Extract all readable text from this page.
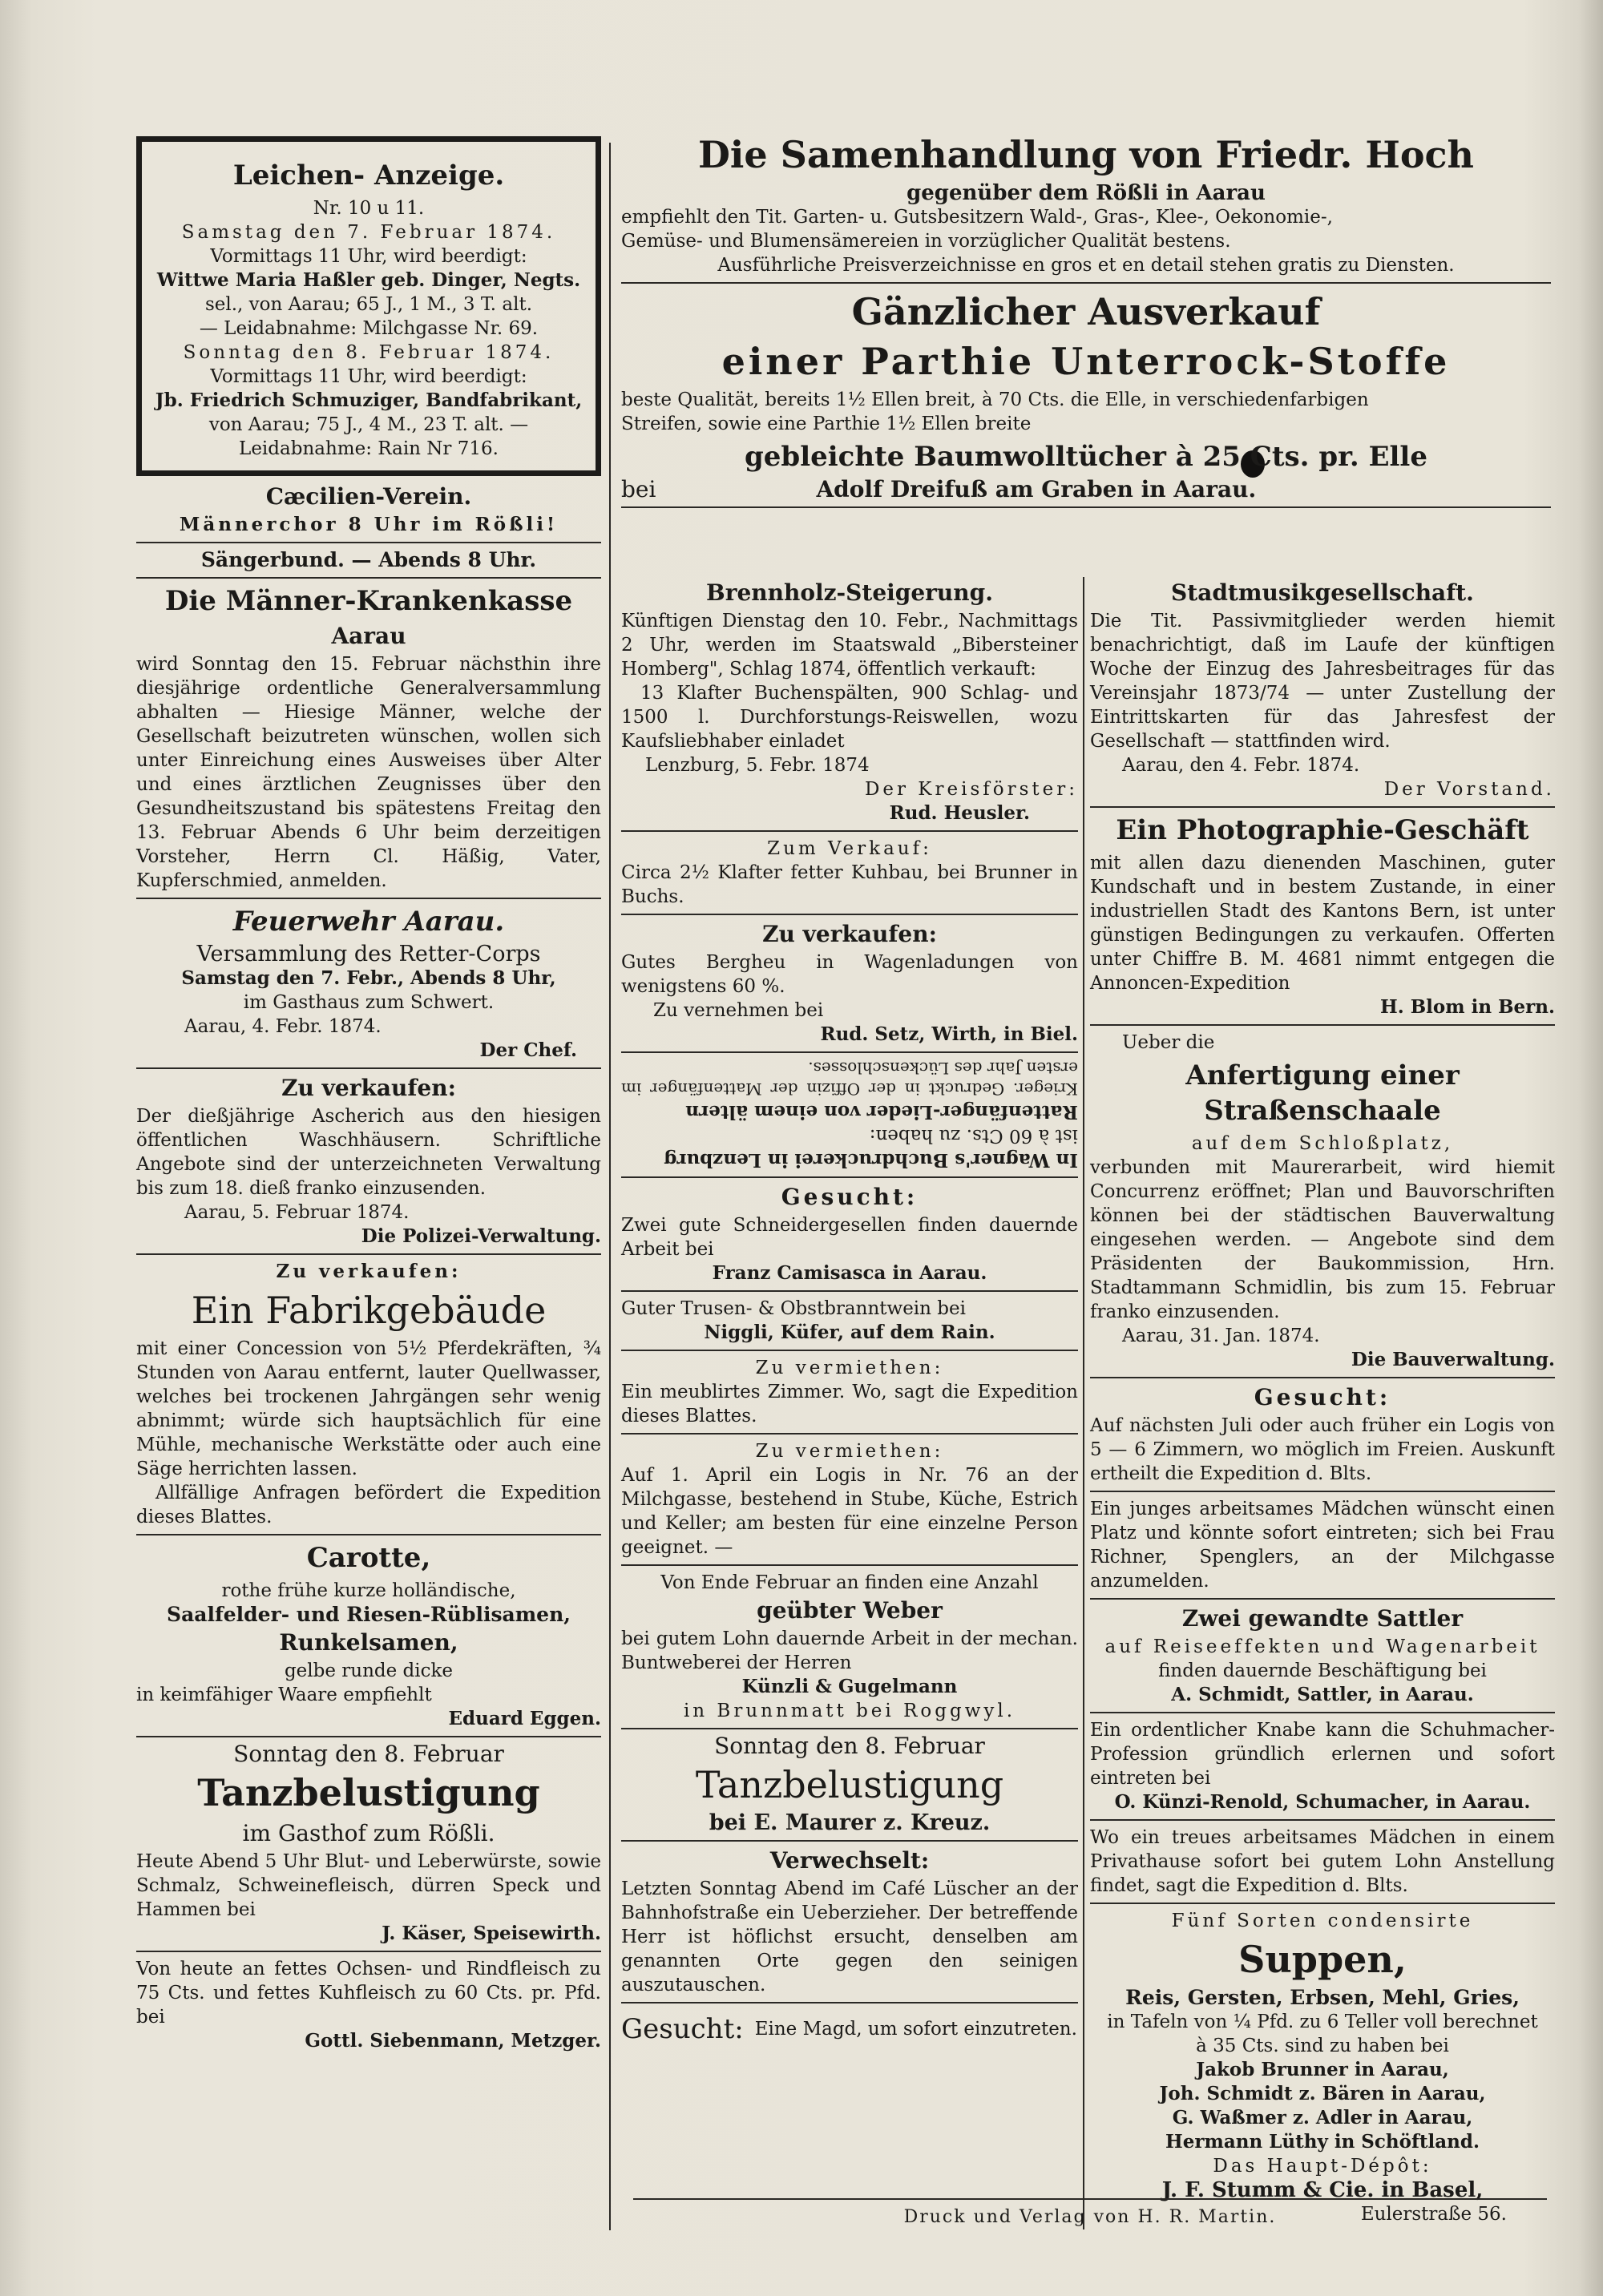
Leichen- Anzeige.

Nr. 10 u 11.

Samstag den 7. Februar 1874.

Vormittags 11 Uhr, wird beerdigt:

Wittwe Maria Haßler geb. Dinger, Negts.

sel., von Aarau; 65 J., 1 M., 3 T. alt.

— Leidabnahme: Milchgasse Nr. 69.

Sonntag den 8. Februar 1874.

Vormittags 11 Uhr, wird beerdigt:

Jb. Friedrich Schmuziger, Bandfabrikant,

von Aarau; 75 J., 4 M., 23 T. alt. —

Leidabnahme: Rain Nr 716.

Cæcilien-Verein.

Männerchor 8 Uhr im Rößli!

Sängerbund. — Abends 8 Uhr.

Die Männer-Krankenkasse

Aarau

wird Sonntag den 15. Februar nächsthin ihre diesjährige ordentliche Generalversammlung abhalten — Hiesige Männer, welche der Gesellschaft beizutreten wünschen, wollen sich unter Einreichung eines Ausweises über Alter und eines ärztlichen Zeugnisses über den Gesundheitszustand bis spätestens Freitag den 13. Februar Abends 6 Uhr beim derzeitigen Vorsteher, Herrn Cl. Häßig, Vater, Kupferschmied, anmelden.

Feuerwehr Aarau.

Versammlung des Retter-Corps

Samstag den 7. Febr., Abends 8 Uhr,

im Gasthaus zum Schwert.

Aarau, 4. Febr. 1874.

Der Chef.

Zu verkaufen:

Der dießjährige Ascherich aus den hiesigen öffentlichen Waschhäusern. Schriftliche Angebote sind der unterzeichneten Verwaltung bis zum 18. dieß franko einzusenden.

Aarau, 5. Februar 1874.

Die Polizei-Verwaltung.

Zu verkaufen:

Ein Fabrikgebäude

mit einer Concession von 5½ Pferdekräften, ¾ Stunden von Aarau entfernt, lauter Quellwasser, welches bei trockenen Jahrgängen sehr wenig abnimmt; würde sich hauptsächlich für eine Mühle, mechanische Werkstätte oder auch eine Säge herrichten lassen.

Allfällige Anfragen befördert die Expedition dieses Blattes.

Carotte,

rothe frühe kurze holländische,

Saalfelder- und Riesen-Rüblisamen,

Runkelsamen,

gelbe runde dicke

in keimfähiger Waare empfiehlt

Eduard Eggen.

Sonntag den 8. Februar

Tanzbelustigung

im Gasthof zum Rößli.

Heute Abend 5 Uhr Blut- und Leberwürste, sowie Schmalz, Schweinefleisch, dürren Speck und Hammen bei

J. Käser, Speisewirth.

Von heute an fettes Ochsen- und Rindfleisch zu 75 Cts. und fettes Kuhfleisch zu 60 Cts. pr. Pfd. bei

Gottl. Siebenmann, Metzger.

Die Samenhandlung von Friedr. Hoch

gegenüber dem Rößli in Aarau

empfiehlt den Tit. Garten- u. Gutsbesitzern Wald-, Gras-, Klee-, Oekonomie-,

Gemüse- und Blumensämereien in vorzüglicher Qualität bestens.

Ausführliche Preisverzeichnisse en gros et en detail stehen gratis zu Diensten.

Gänzlicher Ausverkauf

einer Parthie Unterrock-Stoffe

beste Qualität, bereits 1½ Ellen breit, à 70 Cts. die Elle, in verschiedenfarbigen

Streifen, sowie eine Parthie 1½ Ellen breite

gebleichte Baumwolltücher à 25 Cts. pr. Elle

bei	Adolf Dreifuß am Graben in Aarau.

Brennholz-Steigerung.

Künftigen Dienstag den 10. Febr., Nachmittags 2 Uhr, werden im Staatswald „Bibersteiner Homberg", Schlag 1874, öffentlich verkauft:

13 Klafter Buchenspälten, 900 Schlag- und 1500 l. Durchforstungs-Reiswellen, wozu Kaufsliebhaber einladet

Lenzburg, 5. Febr. 1874

Der Kreisförster:

Rud. Heusler.

Zum Verkauf:

Circa 2½ Klafter fetter Kuhbau, bei Brunner in Buchs.

Zu verkaufen:

Gutes Bergheu in Wagenladungen von wenigstens 60 %.

Zu vernehmen bei

Rud. Setz, Wirth, in Biel.

In Wagner's Buchdruckerei in Lenzburg

ist à 60 Cts. zu haben:

Rattenfänger-Lieder von einem ältern

Krieger. Gedruckt in der Offizin der Mattenfänger im ersten Jahr des Lückenschlosses.

Gesucht:

Zwei gute Schneidergesellen finden dauernde Arbeit bei

Franz Camisasca in Aarau.

Guter Trusen- & Obstbranntwein bei

Niggli, Küfer, auf dem Rain.

Zu vermiethen:

Ein meublirtes Zimmer. Wo, sagt die Expedition dieses Blattes.

Zu vermiethen:

Auf 1. April ein Logis in Nr. 76 an der Milchgasse, bestehend in Stube, Küche, Estrich und Keller; am besten für eine einzelne Person geeignet. —

Von Ende Februar an finden eine Anzahl

geübter Weber

bei gutem Lohn dauernde Arbeit in der mechan. Buntweberei der Herren

Künzli & Gugelmann

in Brunnmatt bei Roggwyl.

Sonntag den 8. Februar

Tanzbelustigung

bei E. Maurer z. Kreuz.

Verwechselt:

Letzten Sonntag Abend im Café Lüscher an der Bahnhofstraße ein Ueberzieher. Der betreffende Herr ist höflichst ersucht, denselben am genannten Orte gegen den seinigen auszutauschen.

Gesucht: Eine Magd, um sofort einzutreten.

Stadtmusikgesellschaft.

Die Tit. Passivmitglieder werden hiemit benachrichtigt, daß im Laufe der künftigen Woche der Einzug des Jahresbeitrages für das Vereinsjahr 1873/74 — unter Zustellung der Eintrittskarten für das Jahresfest der Gesellschaft — stattfinden wird.

Aarau, den 4. Febr. 1874.

Der Vorstand.

Ein Photographie-Geschäft

mit allen dazu dienenden Maschinen, guter Kundschaft und in bestem Zustande, in einer industriellen Stadt des Kantons Bern, ist unter günstigen Bedingungen zu verkaufen. Offerten unter Chiffre B. M. 4681 nimmt entgegen die Annoncen-Expedition

H. Blom in Bern.

Ueber die

Anfertigung einer Straßenschaale

auf dem Schloßplatz,

verbunden mit Maurerarbeit, wird hiemit Concurrenz eröffnet; Plan und Bauvorschriften können bei der städtischen Bauverwaltung eingesehen werden. — Angebote sind dem Präsidenten der Baukommission, Hrn. Stadtammann Schmidlin, bis zum 15. Februar franko einzusenden.

Aarau, 31. Jan. 1874.

Die Bauverwaltung.

Gesucht:

Auf nächsten Juli oder auch früher ein Logis von 5 — 6 Zimmern, wo möglich im Freien. Auskunft ertheilt die Expedition d. Blts.

Ein junges arbeitsames Mädchen wünscht einen Platz und könnte sofort eintreten; sich bei Frau Richner, Spenglers, an der Milchgasse anzumelden.

Zwei gewandte Sattler

auf Reiseeffekten und Wagenarbeit

finden dauernde Beschäftigung bei

A. Schmidt, Sattler, in Aarau.

Ein ordentlicher Knabe kann die Schuhmacher-Profession gründlich erlernen und sofort eintreten bei

O. Künzi-Renold, Schumacher, in Aarau.

Wo ein treues arbeitsames Mädchen in einem Privathause sofort bei gutem Lohn Anstellung findet, sagt die Expedition d. Blts.

Fünf Sorten condensirte

Suppen,

Reis, Gersten, Erbsen, Mehl, Gries,

in Tafeln von ¼ Pfd. zu 6 Teller voll berechnet

à 35 Cts. sind zu haben bei

Jakob Brunner in Aarau,

Joh. Schmidt z. Bären in Aarau,

G. Waßmer z. Adler in Aarau,

Hermann Lüthy in Schöftland.

Das Haupt-Dépôt:

J. F. Stumm & Cie. in Basel,

Eulerstraße 56.

Druck und Verlag von H. R. Martin.
